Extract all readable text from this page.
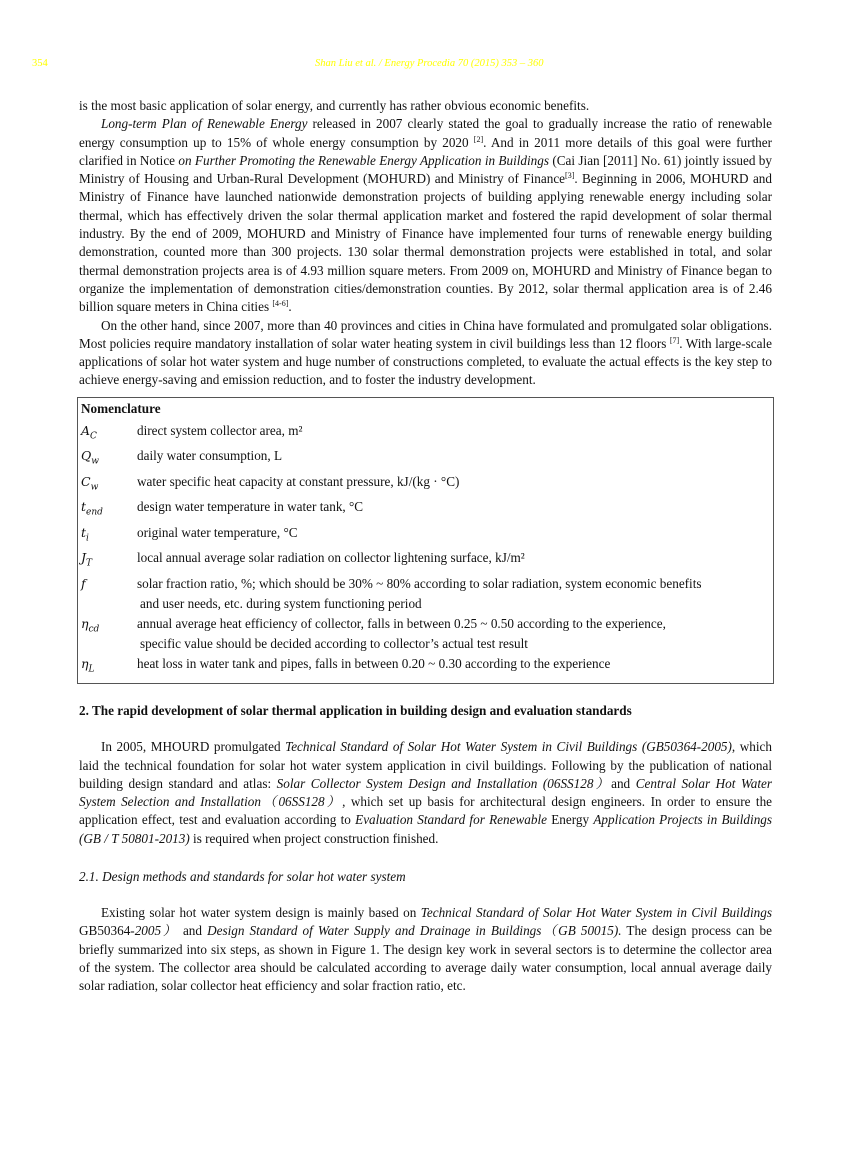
354	Shan Liu et al. / Energy Procedia 70 (2015) 353 – 360

is the most basic application of solar energy, and currently has rather obvious economic benefits.

Long-term Plan of Renewable Energy released in 2007 clearly stated the goal to gradually increase the ratio of renewable energy consumption up to 15% of whole energy consumption by 2020 [2]. And in 2011 more details of this goal were further clarified in Notice on Further Promoting the Renewable Energy Application in Buildings (Cai Jian [2011] No. 61) jointly issued by Ministry of Housing and Urban-Rural Development (MOHURD) and Ministry of Finance[3]. Beginning in 2006, MOHURD and Ministry of Finance have launched nationwide demonstration projects of building applying renewable energy including solar thermal, which has effectively driven the solar thermal application market and fostered the rapid development of solar thermal industry. By the end of 2009, MOHURD and Ministry of Finance have implemented four turns of renewable energy building demonstration, counted more than 300 projects. 130 solar thermal demonstration projects were established in total, and solar thermal demonstration projects area is of 4.93 million square meters. From 2009 on, MOHURD and Ministry of Finance began to organize the implementation of demonstration cities/demonstration counties. By 2012, solar thermal application area is of 2.46 billion square meters in China cities [4-6].

On the other hand, since 2007, more than 40 provinces and cities in China have formulated and promulgated solar obligations. Most policies require mandatory installation of solar water heating system in civil buildings less than 12 floors [7]. With large-scale applications of solar hot water system and huge number of constructions completed, to evaluate the actual effects is the key step to achieve energy-saving and emission reduction, and to foster the industry development.

Nomenclature
$A_C$	direct system collector area, m²
$Q_w$	daily water consumption, L
$C_w$	water specific heat capacity at constant pressure, kJ/(kg · °C)
$t_{end}$	design water temperature in water tank, °C
$t_i$	original water temperature, °C
$J_T$	local annual average solar radiation on collector lightening surface, kJ/m²
f	solar fraction ratio, %; which should be 30% ~ 80% according to solar radiation, system economic benefits
and user needs, etc. during system functioning period
$\eta_{cd}$	annual average heat efficiency of collector, falls in between 0.25 ~ 0.50 according to the experience,
specific value should be decided according to collector’s actual test result
$\eta_L$	heat loss in water tank and pipes, falls in between 0.20 ~ 0.30 according to the experience
2. The rapid development of solar thermal application in building design and evaluation standards

In 2005, MHOURD promulgated Technical Standard of Solar Hot Water System in Civil Buildings (GB50364-2005), which laid the technical foundation for solar hot water system application in civil buildings. Following by the publication of national building design standard and atlas: Solar Collector System Design and Installation (06SS128）and Central Solar Hot Water System Selection and Installation（06SS128）, which set up basis for architectural design engineers. In order to ensure the application effect, test and evaluation according to Evaluation Standard for Renewable Energy Application Projects in Buildings (GB / T 50801-2013) is required when project construction finished.

2.1. Design methods and standards for solar hot water system

Existing solar hot water system design is mainly based on Technical Standard of Solar Hot Water System in Civil Buildings GB50364-2005） and Design Standard of Water Supply and Drainage in Buildings（GB 50015). The design process can be briefly summarized into six steps, as shown in Figure 1. The design key work in several sectors is to determine the collector area of the system. The collector area should be calculated according to average daily water consumption, local annual average daily solar radiation, solar collector heat efficiency and solar fraction ratio, etc.
